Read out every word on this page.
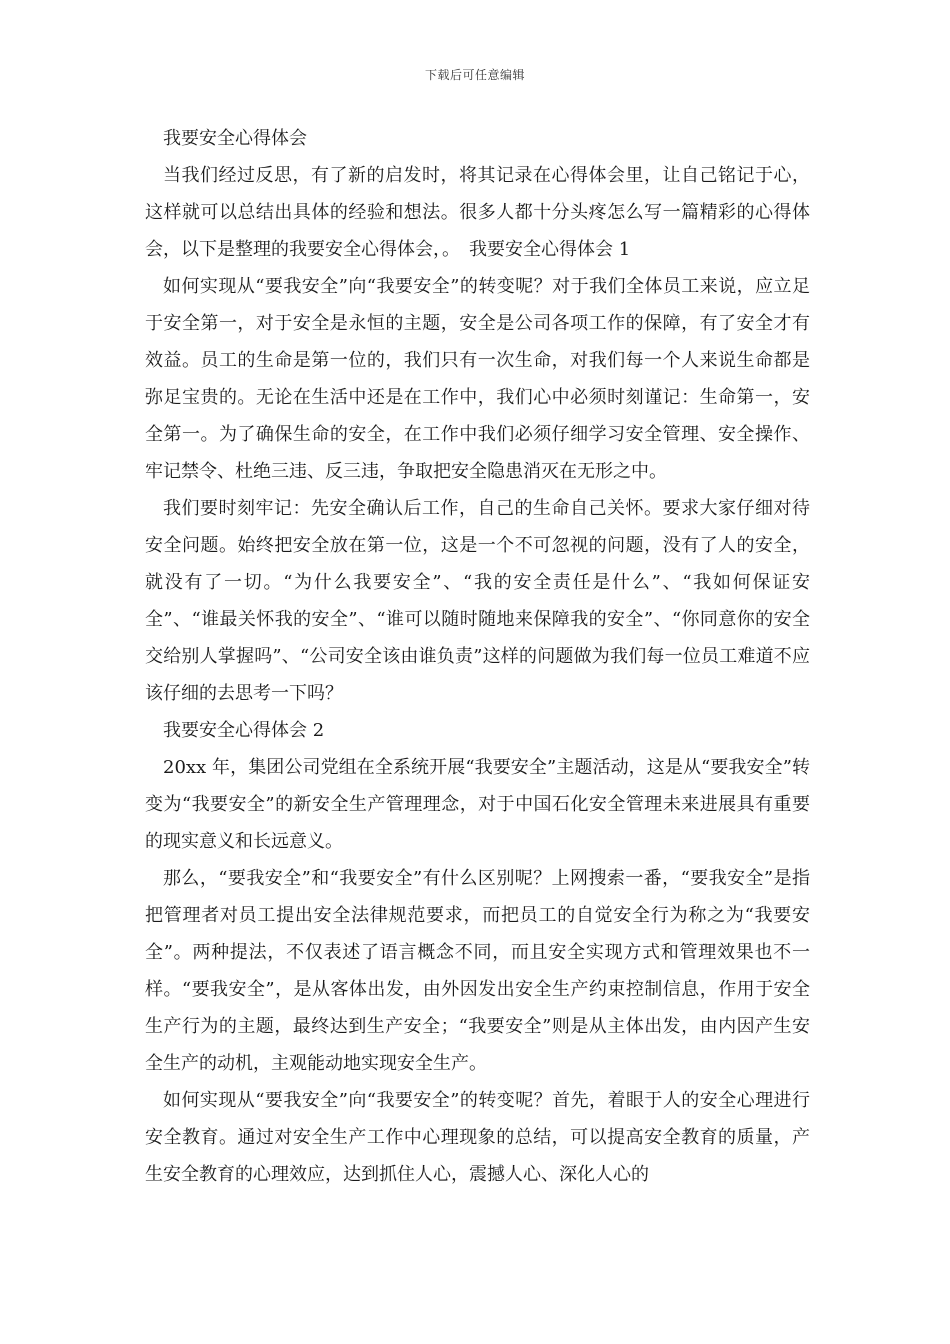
下载后可任意编辑

我要安全心得体会

当我们经过反思，有了新的启发时，将其记录在心得体会里，让自己铭记于心，这样就可以总结出具体的经验和想法。很多人都十分头疼怎么写一篇精彩的心得体会，以下是整理的我要安全心得体会，。　我要安全心得体会 1

如何实现从“要我安全”向“我要安全”的转变呢？对于我们全体员工来说，应立足于安全第一，对于安全是永恒的主题，安全是公司各项工作的保障，有了安全才有效益。员工的生命是第一位的，我们只有一次生命，对我们每一个人来说生命都是弥足宝贵的。无论在生活中还是在工作中，我们心中必须时刻谨记：生命第一，安全第一。为了确保生命的安全，在工作中我们必须仔细学习安全管理、安全操作、牢记禁令、杜绝三违、反三违，争取把安全隐患消灭在无形之中。

我们要时刻牢记：先安全确认后工作，自己的生命自己关怀。要求大家仔细对待安全问题。始终把安全放在第一位，这是一个不可忽视的问题，没有了人的安全，就没有了一切。“为什么我要安全”、“我的安全责任是什么”、“我如何保证安全”、“谁最关怀我的安全”、“谁可以随时随地来保障我的安全”、“你同意你的安全交给别人掌握吗”、“公司安全该由谁负责”这样的问题做为我们每一位员工难道不应该仔细的去思考一下吗？

我要安全心得体会 2

20xx 年，集团公司党组在全系统开展“我要安全”主题活动，这是从“要我安全”转变为“我要安全”的新安全生产管理理念，对于中国石化安全管理未来进展具有重要的现实意义和长远意义。

那么，“要我安全”和“我要安全”有什么区别呢？上网搜索一番，“要我安全”是指把管理者对员工提出安全法律规范要求，而把员工的自觉安全行为称之为“我要安全”。两种提法，不仅表述了语言概念不同，而且安全实现方式和管理效果也不一样。“要我安全”，是从客体出发，由外因发出安全生产约束控制信息，作用于安全生产行为的主题，最终达到生产安全；“我要安全”则是从主体出发，由内因产生安全生产的动机，主观能动地实现安全生产。

如何实现从“要我安全”向“我要安全”的转变呢？首先，着眼于人的安全心理进行安全教育。通过对安全生产工作中心理现象的总结，可以提高安全教育的质量，产生安全教育的心理效应，达到抓住人心，震撼人心、深化人心的
